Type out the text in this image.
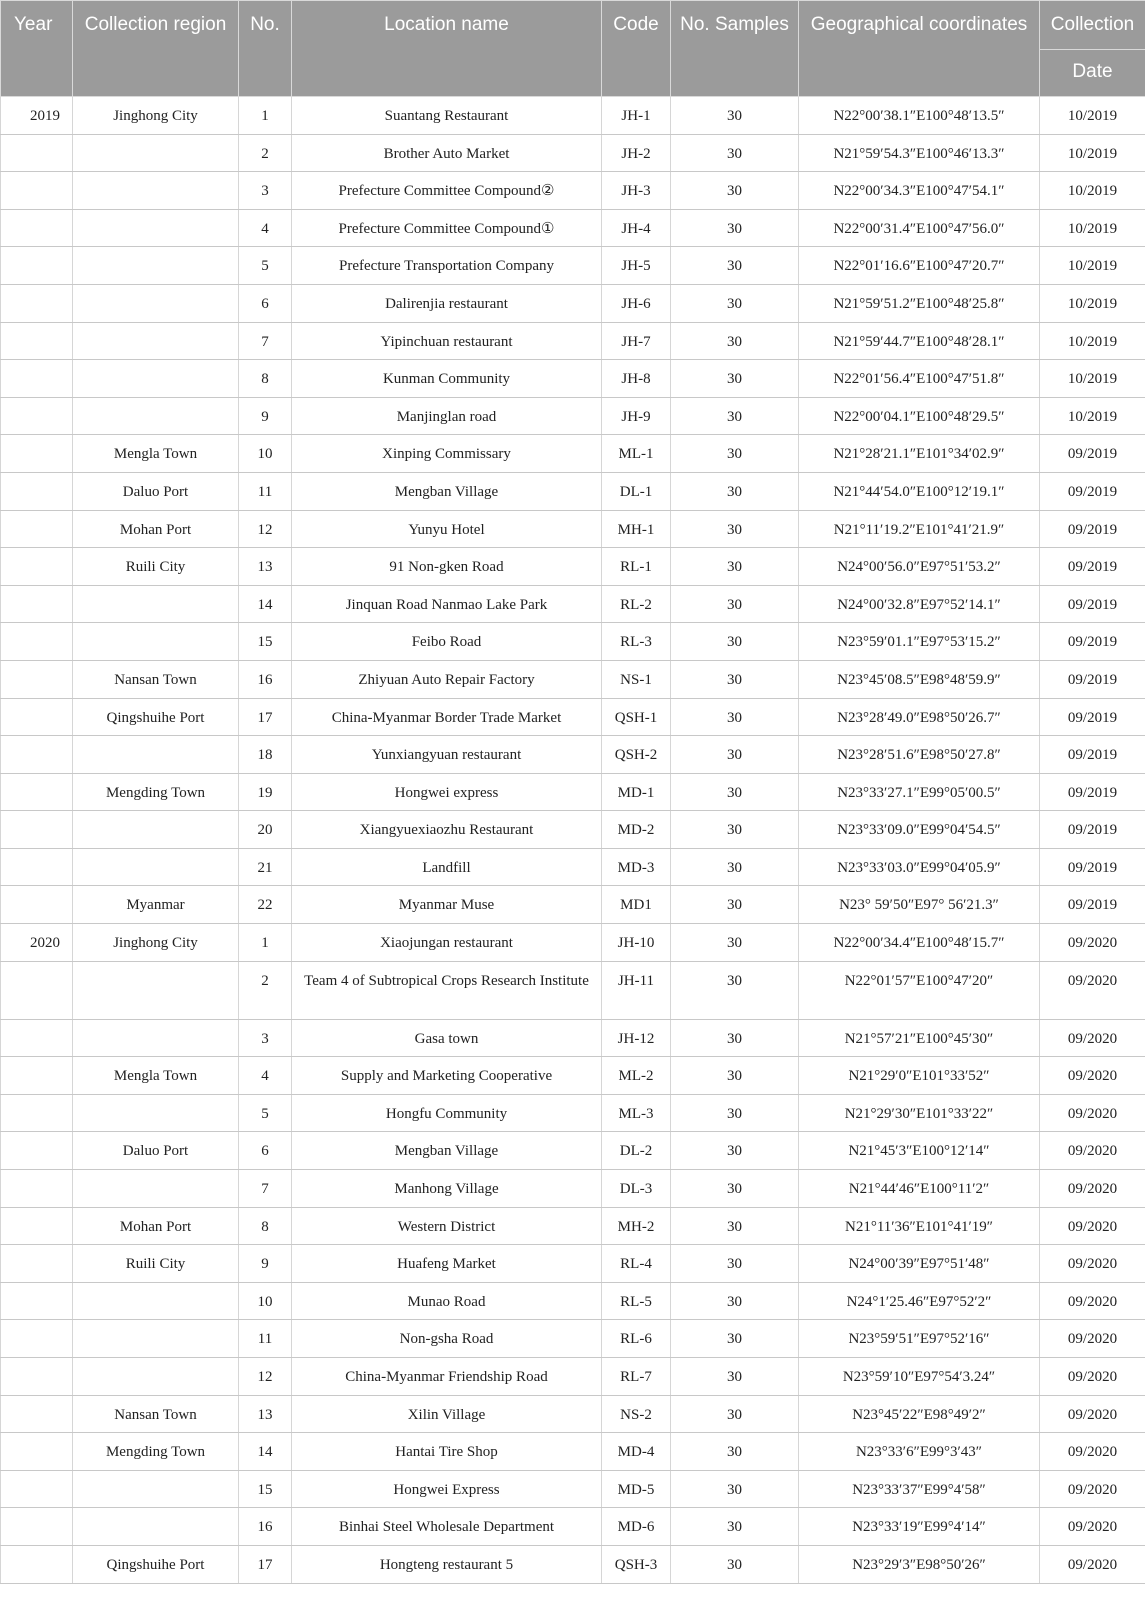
Year	Collection region	No.	Location name	Code	No. Samples	Geographical coordinates	Collection
							Date
2019	Jinghong City	1	Suantang Restaurant	JH-1	30	N22°00′38.1″E100°48′13.5″	10/2019
		2	Brother Auto Market	JH-2	30	N21°59′54.3″E100°46′13.3″	10/2019
		3	Prefecture Committee Compound②	JH-3	30	N22°00′34.3″E100°47′54.1″	10/2019
		4	Prefecture Committee Compound①	JH-4	30	N22°00′31.4″E100°47′56.0″	10/2019
		5	Prefecture Transportation Company	JH-5	30	N22°01′16.6″E100°47′20.7″	10/2019
		6	Dalirenjia restaurant	JH-6	30	N21°59′51.2″E100°48′25.8″	10/2019
		7	Yipinchuan restaurant	JH-7	30	N21°59′44.7″E100°48′28.1″	10/2019
		8	Kunman Community	JH-8	30	N22°01′56.4″E100°47′51.8″	10/2019
		9	Manjinglan road	JH-9	30	N22°00′04.1″E100°48′29.5″	10/2019
	Mengla Town	10	Xinping Commissary	ML-1	30	N21°28′21.1″E101°34′02.9″	09/2019
	Daluo Port	11	Mengban Village	DL-1	30	N21°44′54.0″E100°12′19.1″	09/2019
	Mohan Port	12	Yunyu Hotel	MH-1	30	N21°11′19.2″E101°41′21.9″	09/2019
	Ruili City	13	91 Non-gken Road	RL-1	30	N24°00′56.0″E97°51′53.2″	09/2019
		14	Jinquan Road Nanmao Lake Park	RL-2	30	N24°00′32.8″E97°52′14.1″	09/2019
		15	Feibo Road	RL-3	30	N23°59′01.1″E97°53′15.2″	09/2019
	Nansan Town	16	Zhiyuan Auto Repair Factory	NS-1	30	N23°45′08.5″E98°48′59.9″	09/2019
	Qingshuihe Port	17	China-Myanmar Border Trade Market	QSH-1	30	N23°28′49.0″E98°50′26.7″	09/2019
		18	Yunxiangyuan restaurant	QSH-2	30	N23°28′51.6″E98°50′27.8″	09/2019
	Mengding Town	19	Hongwei express	MD-1	30	N23°33′27.1″E99°05′00.5″	09/2019
		20	Xiangyuexiaozhu Restaurant	MD-2	30	N23°33′09.0″E99°04′54.5″	09/2019
		21	Landfill	MD-3	30	N23°33′03.0″E99°04′05.9″	09/2019
	Myanmar	22	Myanmar Muse	MD1	30	N23° 59′50″E97° 56′21.3″	09/2019
2020	Jinghong City	1	Xiaojungan restaurant	JH-10	30	N22°00′34.4″E100°48′15.7″	09/2020
		2	Team 4 of Subtropical Crops Research Institute	JH-11	30	N22°01′57″E100°47′20″	09/2020
		3	Gasa town	JH-12	30	N21°57′21″E100°45′30″	09/2020
	Mengla Town	4	Supply and Marketing Cooperative	ML-2	30	N21°29′0″E101°33′52″	09/2020
		5	Hongfu Community	ML-3	30	N21°29′30″E101°33′22″	09/2020
	Daluo Port	6	Mengban Village	DL-2	30	N21°45′3″E100°12′14″	09/2020
		7	Manhong Village	DL-3	30	N21°44′46″E100°11′2″	09/2020
	Mohan Port	8	Western District	MH-2	30	N21°11′36″E101°41′19″	09/2020
	Ruili City	9	Huafeng Market	RL-4	30	N24°00′39″E97°51′48″	09/2020
		10	Munao Road	RL-5	30	N24°1′25.46″E97°52′2″	09/2020
		11	Non-gsha Road	RL-6	30	N23°59′51″E97°52′16″	09/2020
		12	China-Myanmar Friendship Road	RL-7	30	N23°59′10″E97°54′3.24″	09/2020
	Nansan Town	13	Xilin Village	NS-2	30	N23°45′22″E98°49′2″	09/2020
	Mengding Town	14	Hantai Tire Shop	MD-4	30	N23°33′6″E99°3′43″	09/2020
		15	Hongwei Express	MD-5	30	N23°33′37″E99°4′58″	09/2020
		16	Binhai Steel Wholesale Department	MD-6	30	N23°33′19″E99°4′14″	09/2020
	Qingshuihe Port	17	Hongteng restaurant 5	QSH-3	30	N23°29′3″E98°50′26″	09/2020
